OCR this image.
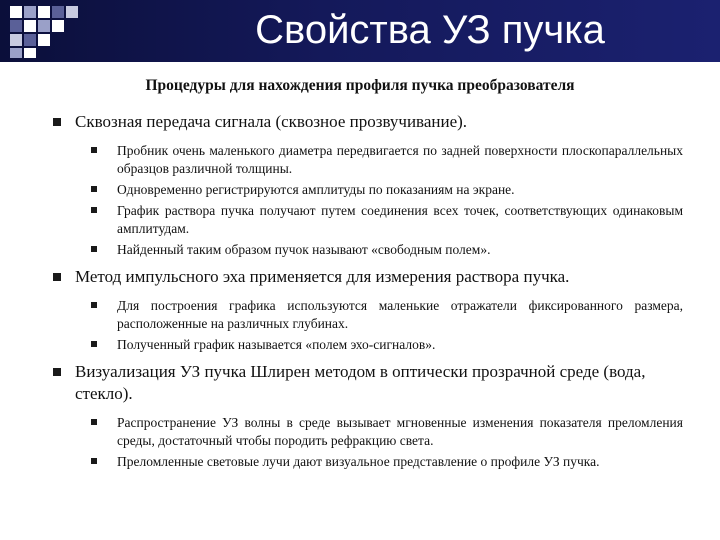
Свойства УЗ пучка
Процедуры для нахождения профиля пучка преобразователя
Сквозная передача сигнала (сквозное прозвучивание).
Пробник очень маленького диаметра передвигается по задней поверхности плоскопараллельных образцов различной толщины.
Одновременно регистрируются амплитуды по показаниям на экране.
График раствора пучка получают путем соединения всех точек, соответствующих одинаковым амплитудам.
Найденный таким образом пучок называют «свободным полем».
Метод импульсного эха применяется для измерения раствора пучка.
Для построения графика используются маленькие отражатели фиксированного размера, расположенные на различных глубинах.
Полученный график называется «полем эхо-сигналов».
Визуализация УЗ пучка Шлирен методом в оптически прозрачной среде (вода, стекло).
Распространение УЗ волны в среде вызывает мгновенные изменения показателя преломления среды, достаточный чтобы породить рефракцию света.
Преломленные световые лучи дают визуальное представление о профиле УЗ пучка.
